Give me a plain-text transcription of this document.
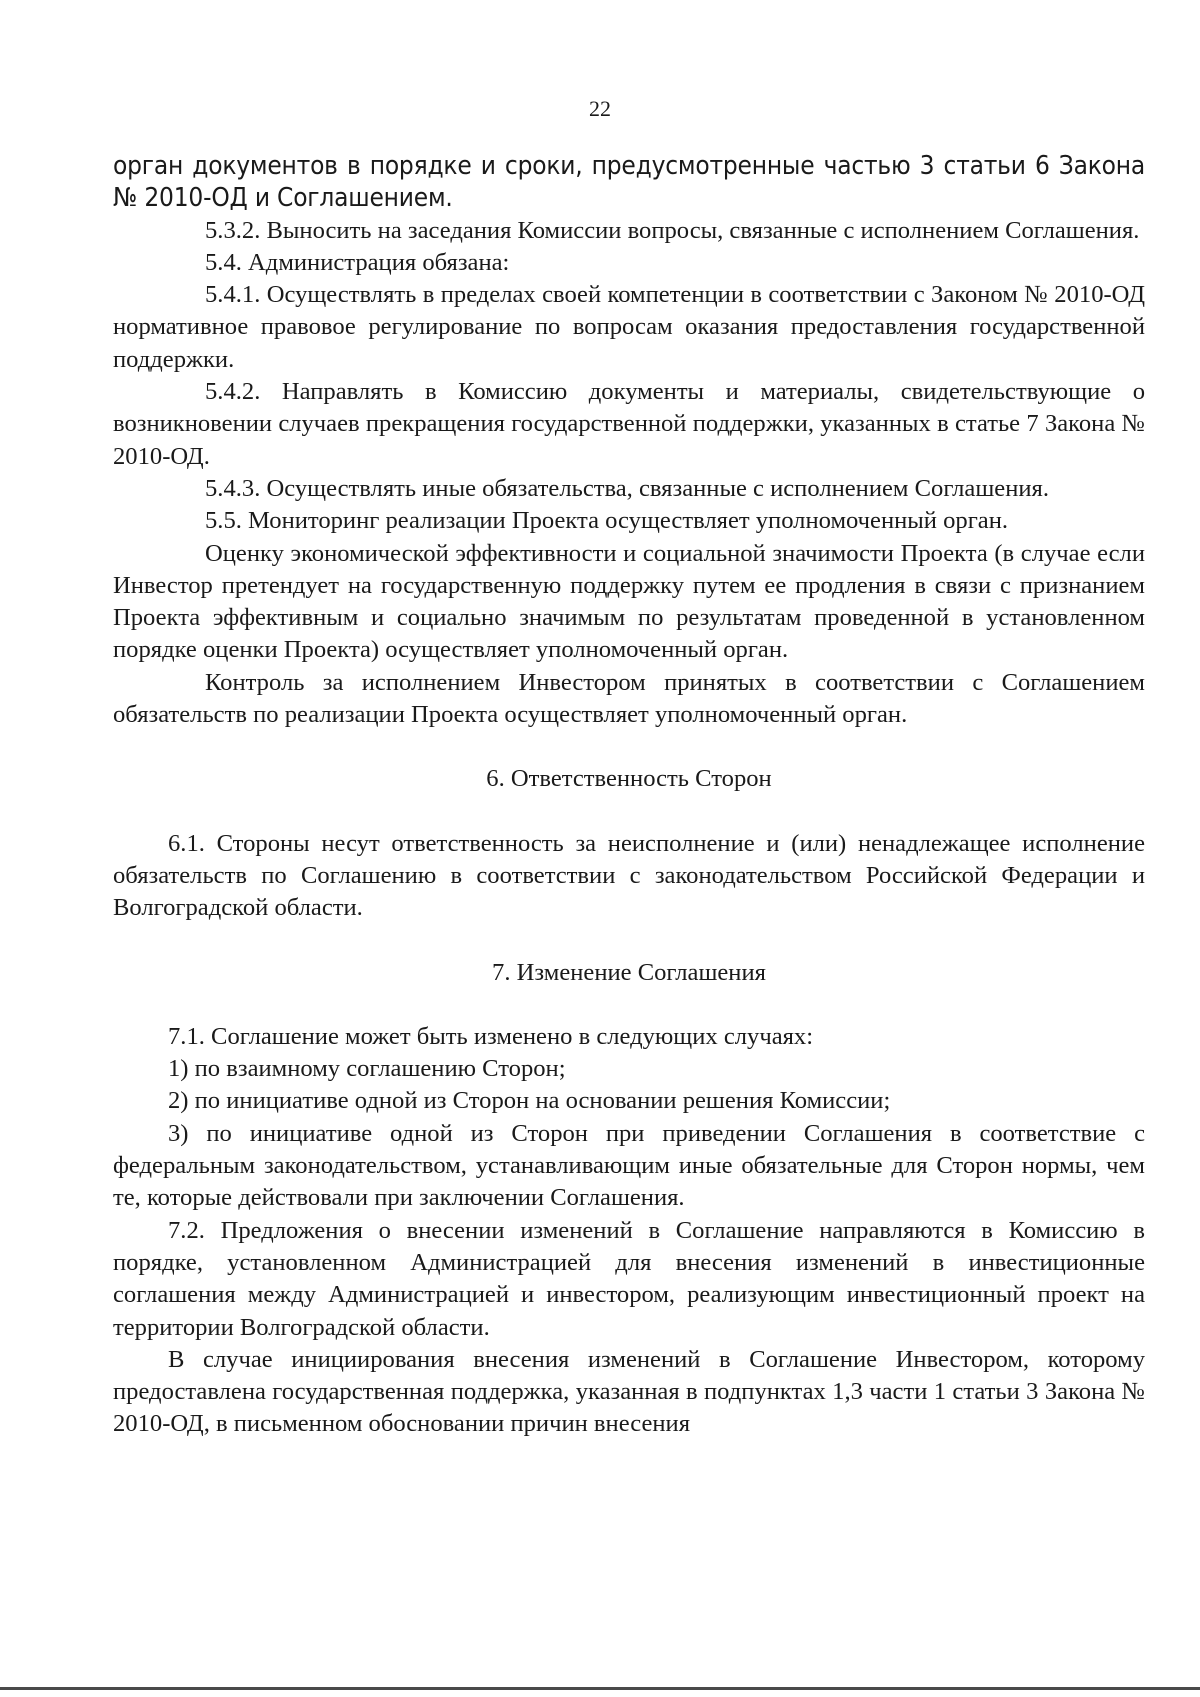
22

орган документов в порядке и сроки, предусмотренные частью 3 статьи 6 Закона № 2010-ОД и Соглашением.

5.3.2. Выносить на заседания Комиссии вопросы, связанные с исполнением Соглашения.

5.4. Администрация обязана:

5.4.1. Осуществлять в пределах своей компетенции в соответствии с Законом № 2010-ОД нормативное правовое регулирование по вопросам оказания предоставления государственной поддержки.

5.4.2. Направлять в Комиссию документы и материалы, свидетельствующие о возникновении случаев прекращения государственной поддержки, указанных в статье 7 Закона № 2010-ОД.

5.4.3. Осуществлять иные обязательства, связанные с исполнением Соглашения.

5.5. Мониторинг реализации Проекта осуществляет уполномоченный орган.

Оценку экономической эффективности и социальной значимости Проекта (в случае если Инвестор претендует на государственную поддержку путем ее продления в связи с признанием Проекта эффективным и социально значимым по результатам проведенной в установленном порядке оценки Проекта) осуществляет уполномоченный орган.

Контроль за исполнением Инвестором принятых в соответствии с Соглашением обязательств по реализации Проекта осуществляет уполномоченный орган.

6. Ответственность Сторон

6.1. Стороны несут ответственность за неисполнение и (или) ненадлежащее исполнение обязательств по Соглашению в соответствии с законодательством Российской Федерации и Волгоградской области.

7. Изменение Соглашения

7.1. Соглашение может быть изменено в следующих случаях:

1) по взаимному соглашению Сторон;

2) по инициативе одной из Сторон на основании решения Комиссии;

3) по инициативе одной из Сторон при приведении Соглашения в соответствие с федеральным законодательством, устанавливающим иные обязательные для Сторон нормы, чем те, которые действовали при заключении Соглашения.

7.2. Предложения о внесении изменений в Соглашение направляются в Комиссию в порядке, установленном Администрацией для внесения изменений в инвестиционные соглашения между Администрацией и инвестором, реализующим инвестиционный проект на территории Волгоградской области.

В случае инициирования внесения изменений в Соглашение Инвестором, которому предоставлена государственная поддержка, указанная в подпунктах 1,3 части 1 статьи 3 Закона № 2010-ОД, в письменном обосновании причин внесения
